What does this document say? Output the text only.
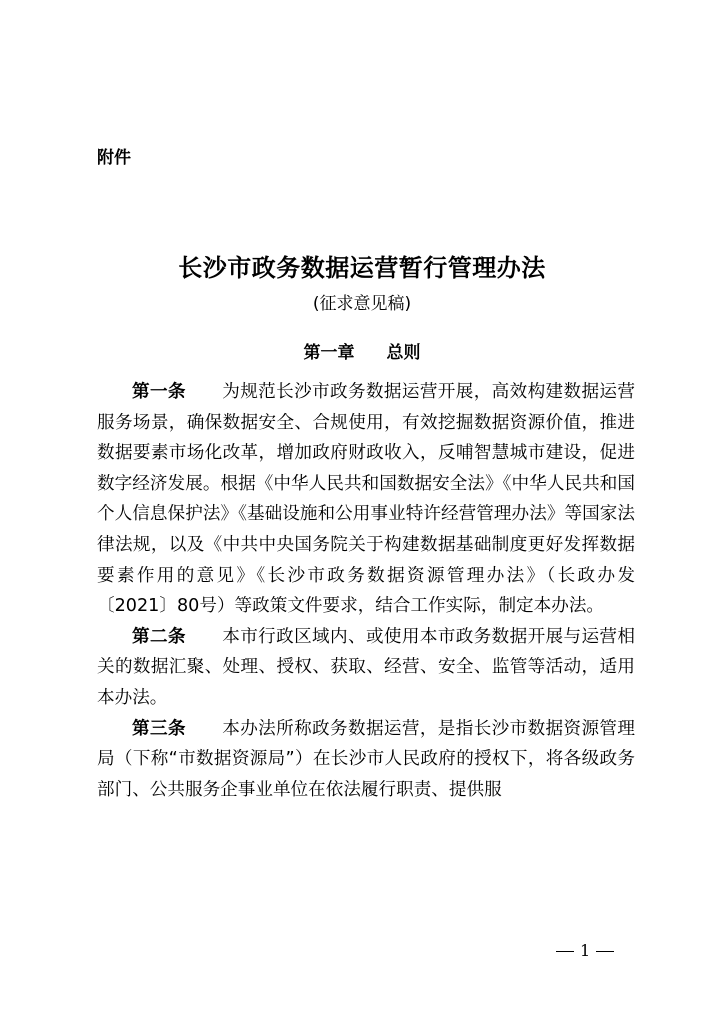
附件
长沙市政务数据运营暂行管理办法
(征求意见稿)
第一章 总则

第一条 为规范长沙市政务数据运营开展，高效构建数据运营服务场景，确保数据安全、合规使用，有效挖掘数据资源价值，推进数据要素市场化改革，增加政府财政收入，反哺智慧城市建设，促进数字经济发展。根据《中华人民共和国数据安全法》《中华人民共和国个人信息保护法》《基础设施和公用事业特许经营管理办法》等国家法律法规，以及《中共中央国务院关于构建数据基础制度更好发挥数据要素作用的意见》《长沙市政务数据资源管理办法》（长政办发〔2021〕80号）等政策文件要求，结合工作实际，制定本办法。

第二条 本市行政区域内、或使用本市政务数据开展与运营相关的数据汇聚、处理、授权、获取、经营、安全、监管等活动，适用本办法。

第三条 本办法所称政务数据运营，是指长沙市数据资源管理局（下称“市数据资源局”）在长沙市人民政府的授权下，将各级政务部门、公共服务企事业单位在依法履行职责、提供服

1
